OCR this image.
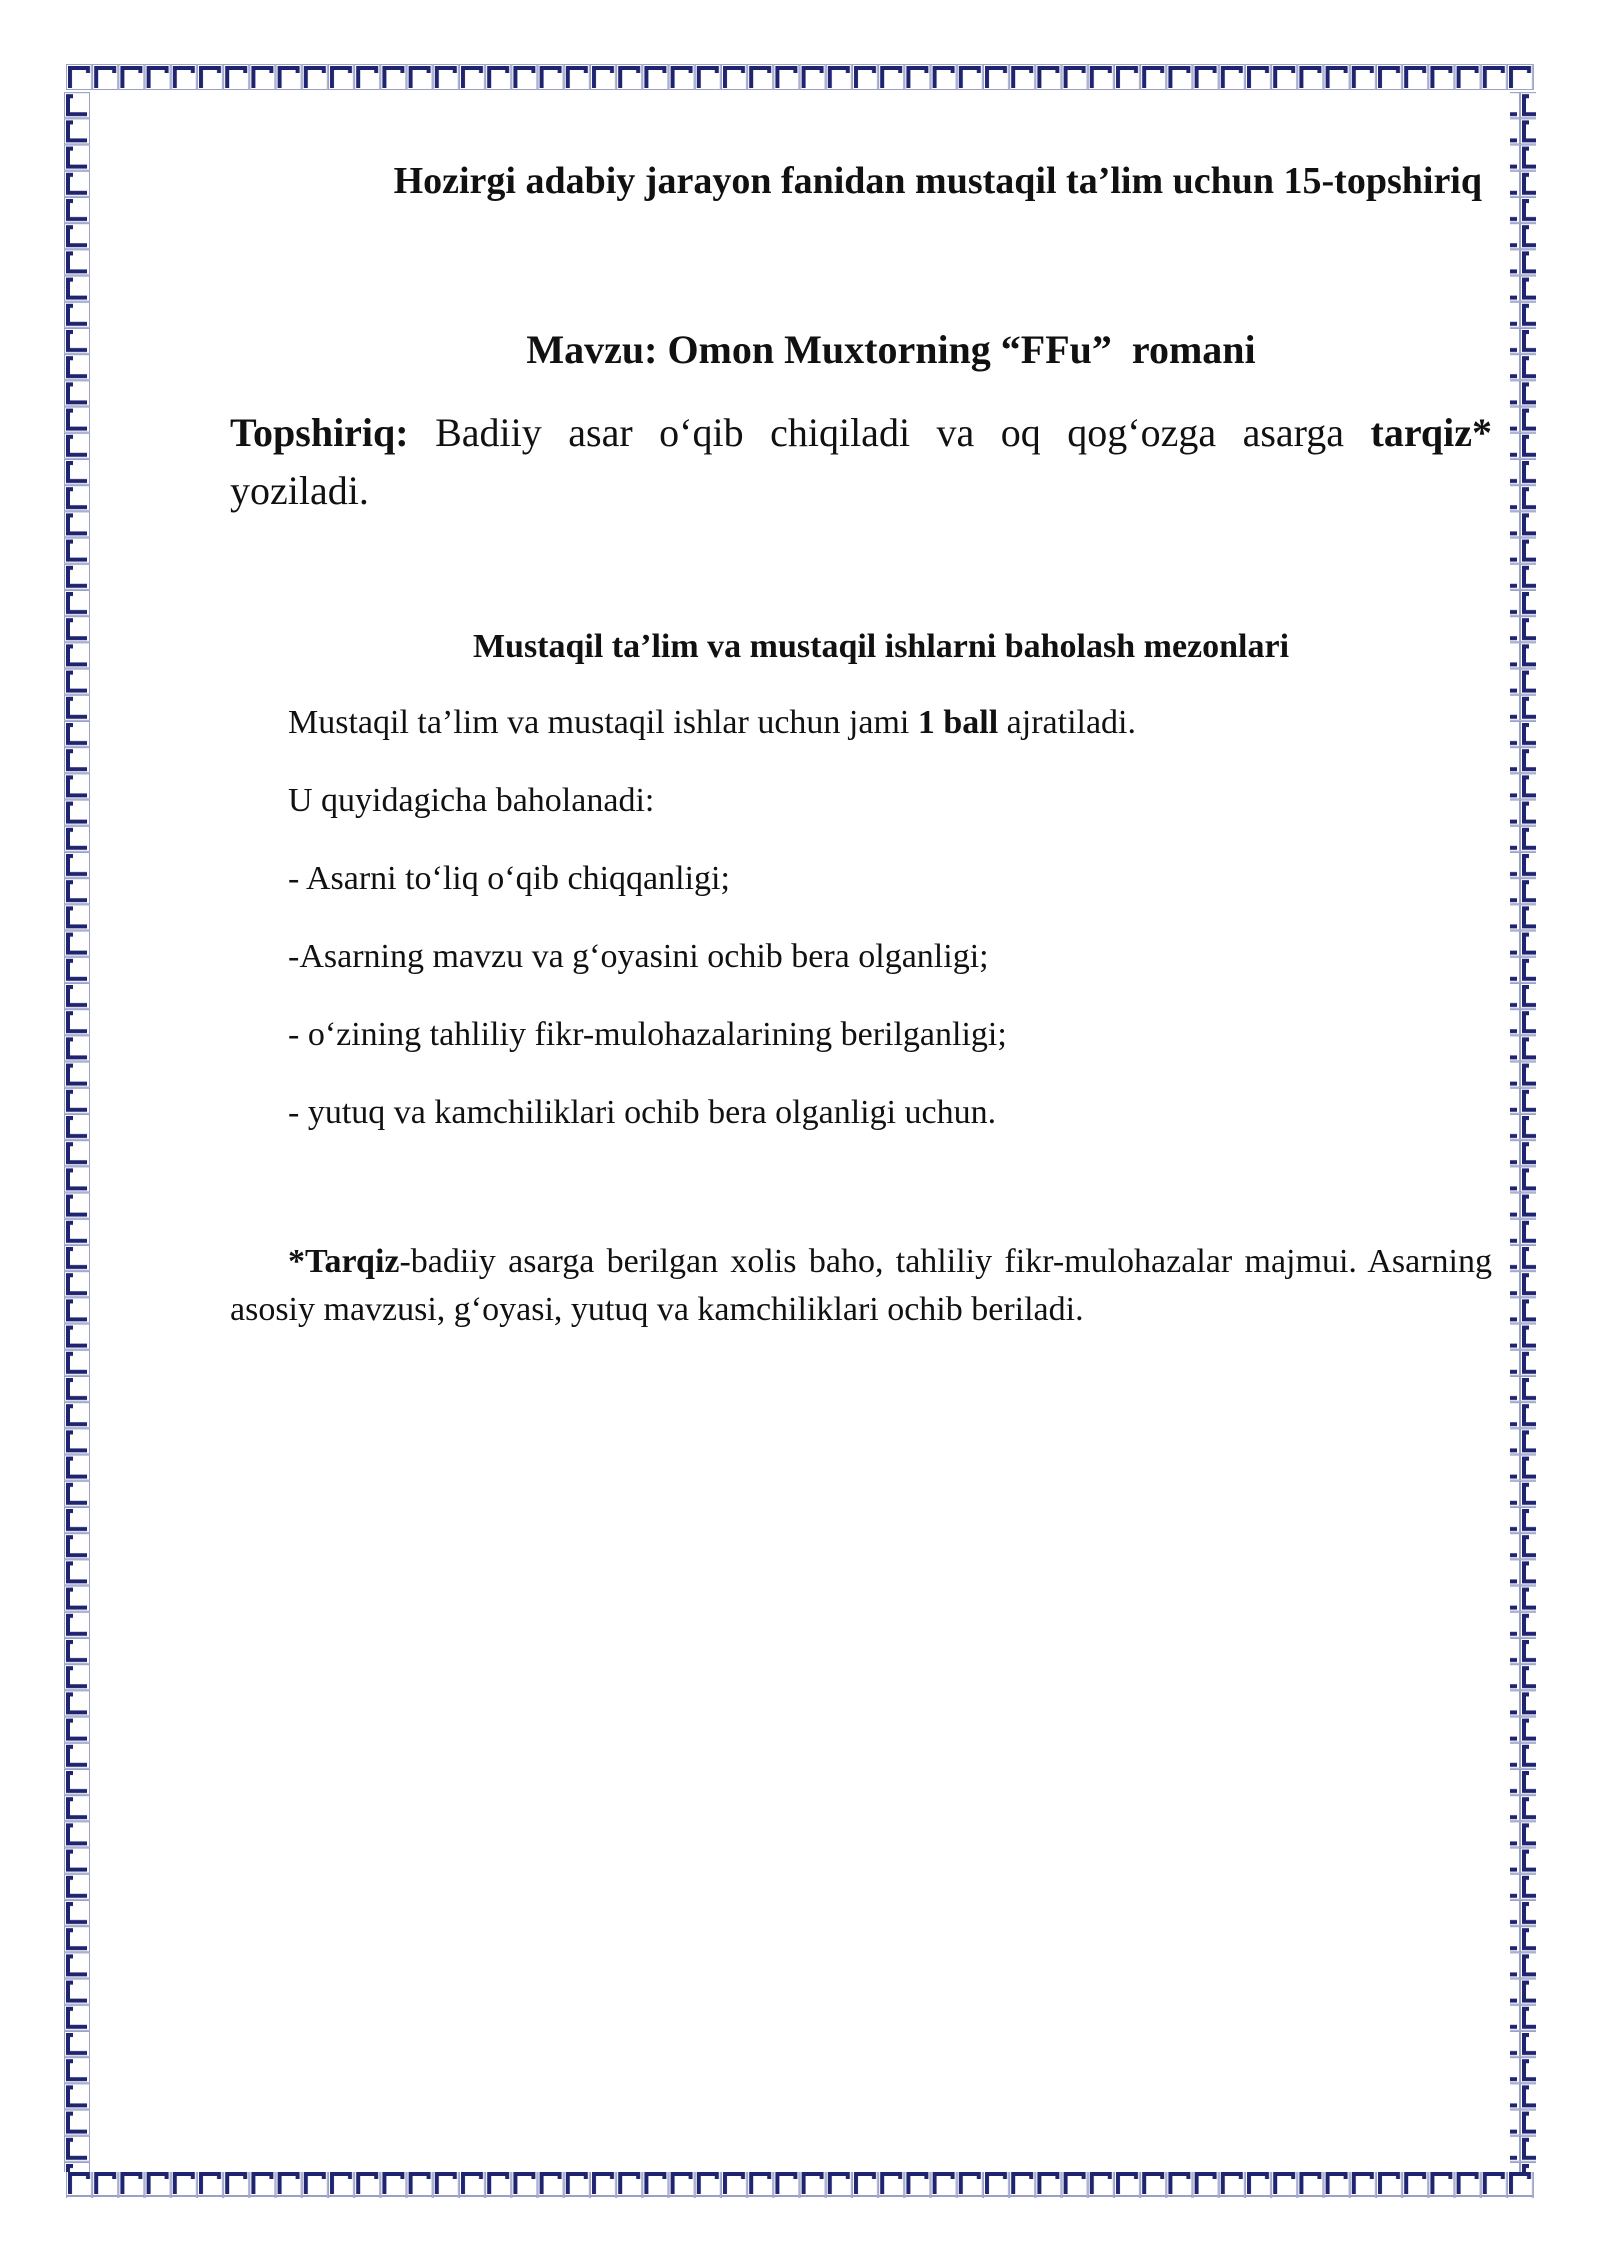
Hozirgi adabiy jarayon fanidan mustaqil ta’lim uchun 15-topshiriq

Mavzu: Omon Muxtorning “FFu”  romani

Topshiriq: Badiiy asar o‘qib chiqiladi va oq qog‘ozga asarga tarqiz* yoziladi.

Mustaqil ta’lim va mustaqil ishlarni baholash mezonlari

Mustaqil ta’lim va mustaqil ishlar uchun jami 1 ball ajratiladi.

U quyidagicha baholanadi:

- Asarni to‘liq o‘qib chiqqanligi;

-Asarning mavzu va g‘oyasini ochib bera olganligi;

- o‘zining tahliliy fikr-mulohazalarining berilganligi;

- yutuq va kamchiliklari ochib bera olganligi uchun.

*Tarqiz-badiiy asarga berilgan xolis baho, tahliliy fikr-mulohazalar majmui. Asarning asosiy mavzusi, g‘oyasi, yutuq va kamchiliklari ochib beriladi.
